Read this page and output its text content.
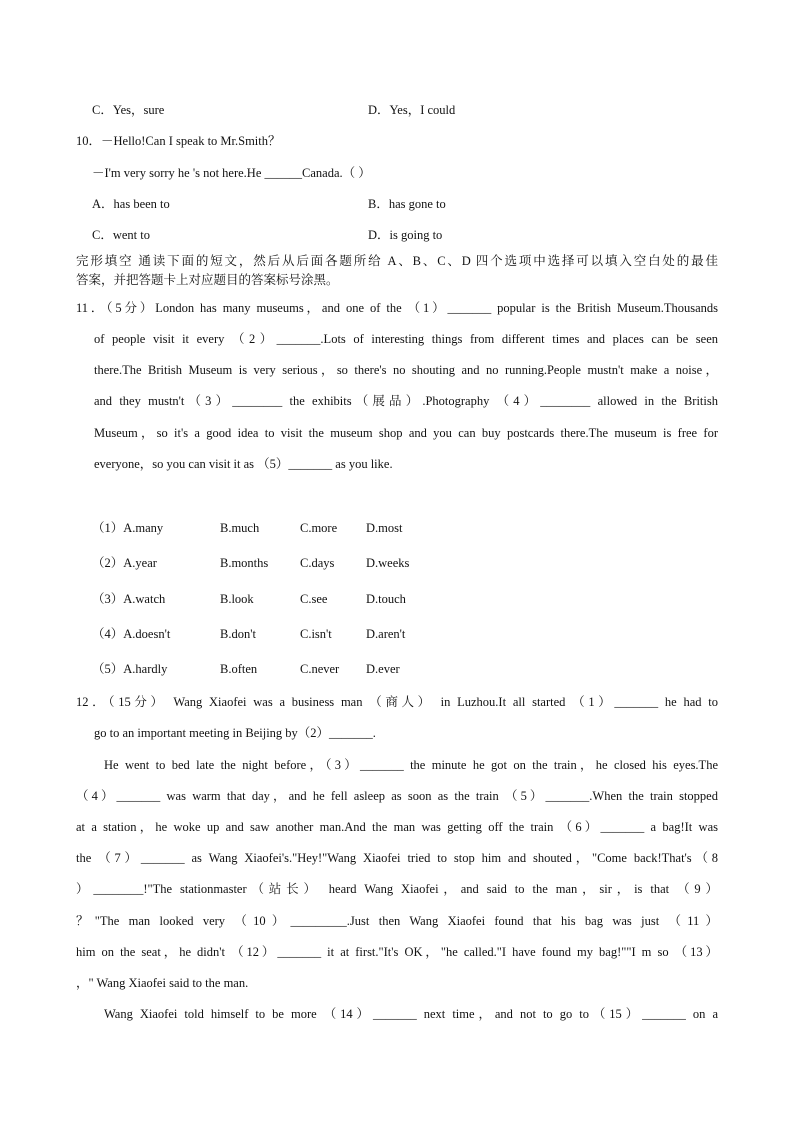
C．Yes，sure	D．Yes，I could
10．－Hello!Can I speak to Mr.Smith？
－I'm very sorry he 's not here.He ______Canada.（ ）
A．has been to	B．has gone to
C．went to	D．is going to
完形填空 通读下面的短文，然后从后面各题所给 A、B、C、D 四个选项中选择可以填入空白处的最佳
答案，并把答题卡上对应题目的答案标号涂黑。
11．（5分）London has many museums，and one of the （1）_______ popular is the British Museum.Thousands
of people visit it every （2）_______.Lots of interesting things from different times and places can be seen
there.The British Museum is very serious，so there's no shouting and no running.People mustn't make a noise，
and they mustn't（3）________ the exhibits（展品）.Photography （4）________ allowed in the British
Museum，so it's a good idea to visit the museum shop and you can buy postcards there.The museum is free for
everyone，so you can visit it as （5）_______ as you like.
（1）A.many	B.much	C.more D.most
（2）A.year	B.months	C.days	D.weeks
（3）A.watch	B.look	C.see	D.touch
（4）A.doesn't	B.don't	C.isn't	D.aren't
（5）A.hardly	B.often	C.never D.ever
12．（15分） Wang Xiaofei was a business man （商人） in Luzhou.It all started （1）_______ he had to
go to an important meeting in Beijing by（2）_______.
He went to bed late the night before，（3）_______ the minute he got on the train，he closed his eyes.The
（4）_______ was warm that day，and he fell asleep as soon as the train （5）_______.When the train stopped
at a station，he woke up and saw another man.And the man was getting off the train （6）_______ a bag!It was
the （7）_______ as Wang Xiaofei's."Hey!"Wang Xiaofei tried to stop him and shouted，"Come back!That's（8
）________!"The stationmaster（站长） heard Wang Xiaofei，and said to the man，sir，is that （9）
？"The man looked very （10）_________.Just then Wang Xiaofei found that his bag was just （11）
him on the seat，he didn't （12）_______ it at first."It's OK，"he called."I have found my bag!""I m so （13）
，" Wang Xiaofei said to the man.
Wang Xiaofei told himself to be more （14）_______ next time，and not to go to（15）_______ on a
